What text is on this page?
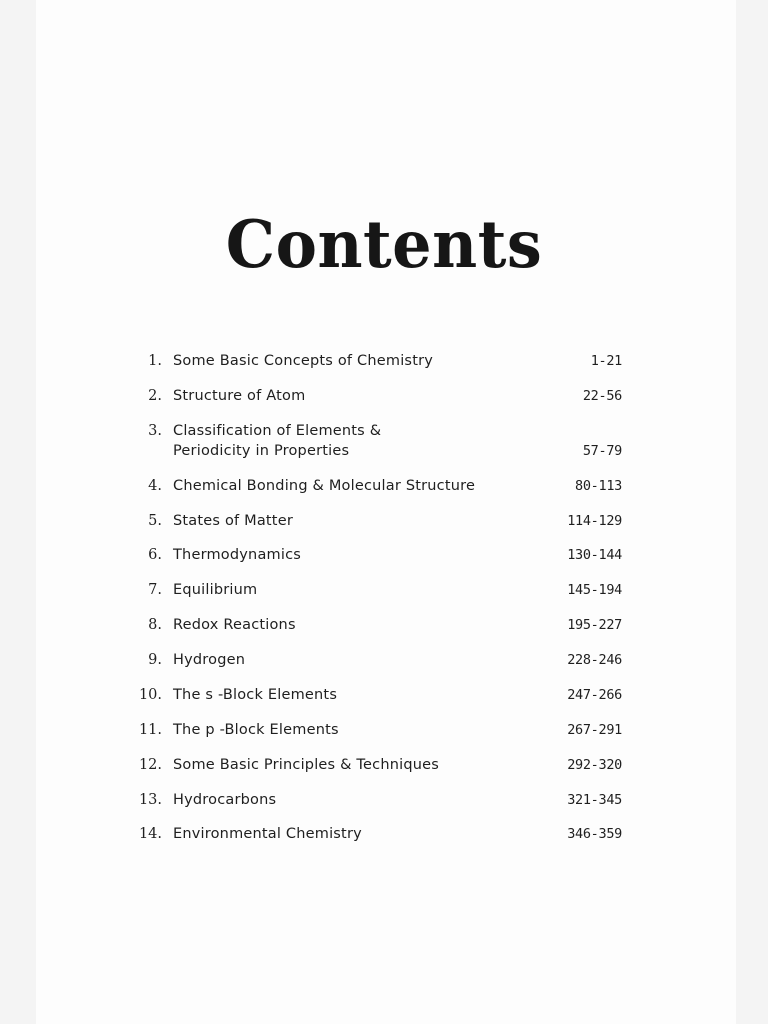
Contents
1. Some Basic Concepts of Chemistry	1-21
2. Structure of Atom	22-56
3. Classification of Elements &
Periodicity in Properties	57-79
4. Chemical Bonding & Molecular Structure	80-113
5. States of Matter	114-129
6. Thermodynamics	130-144
7. Equilibrium	145-194
8. Redox Reactions	195-227
9. Hydrogen	228-246
10. The s -Block Elements	247-266
11. The p -Block Elements	267-291
12. Some Basic Principles & Techniques	292-320
13. Hydrocarbons	321-345
14. Environmental Chemistry	346-359
